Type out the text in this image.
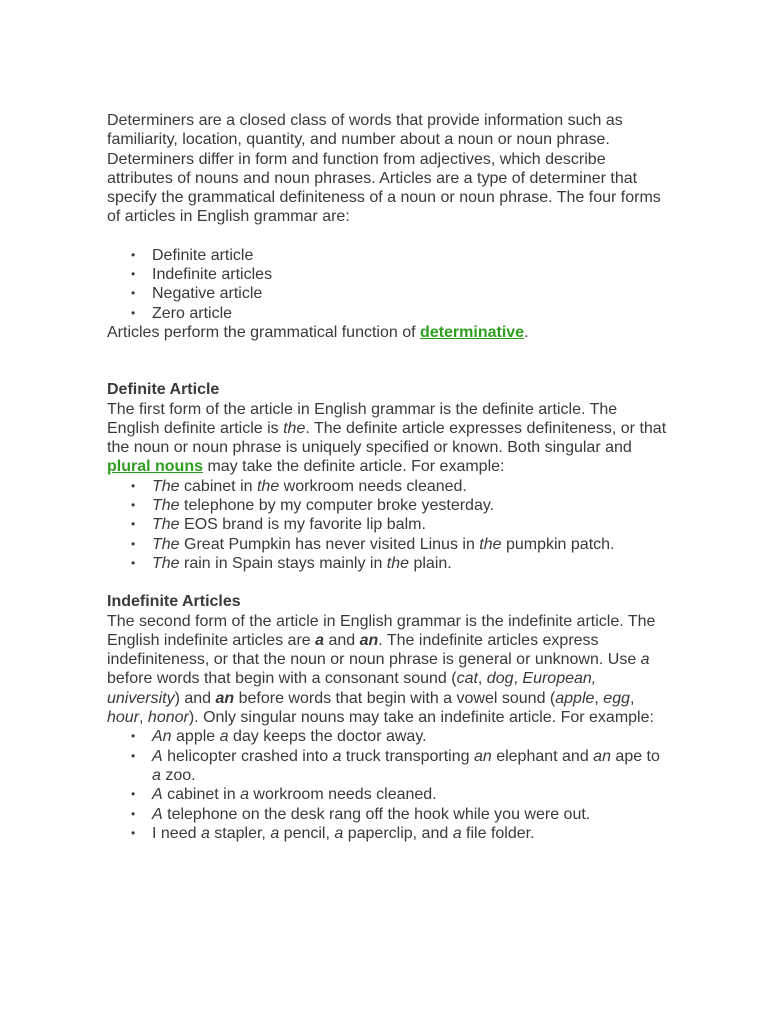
Determiners are a closed class of words that provide information such as familiarity, location, quantity, and number about a noun or noun phrase. Determiners differ in form and function from adjectives, which describe attributes of nouns and noun phrases. Articles are a type of determiner that specify the grammatical definiteness of a noun or noun phrase. The four forms of articles in English grammar are:

• Definite article
• Indefinite articles
• Negative article
• Zero article

Articles perform the grammatical function of determinative.

Definite Article

The first form of the article in English grammar is the definite article. The English definite article is the. The definite article expresses definiteness, or that the noun or noun phrase is uniquely specified or known. Both singular and plural nouns may take the definite article. For example:

• The cabinet in the workroom needs cleaned.
• The telephone by my computer broke yesterday.
• The EOS brand is my favorite lip balm.
• The Great Pumpkin has never visited Linus in the pumpkin patch.
• The rain in Spain stays mainly in the plain.

Indefinite Articles

The second form of the article in English grammar is the indefinite article. The English indefinite articles are a and an. The indefinite articles express indefiniteness, or that the noun or noun phrase is general or unknown. Use a before words that begin with a consonant sound (cat, dog, European, university) and an before words that begin with a vowel sound (apple, egg, hour, honor). Only singular nouns may take an indefinite article. For example:

• An apple a day keeps the doctor away.
• A helicopter crashed into a truck transporting an elephant and an ape to a zoo.
• A cabinet in a workroom needs cleaned.
• A telephone on the desk rang off the hook while you were out.
• I need a stapler, a pencil, a paperclip, and a file folder.
